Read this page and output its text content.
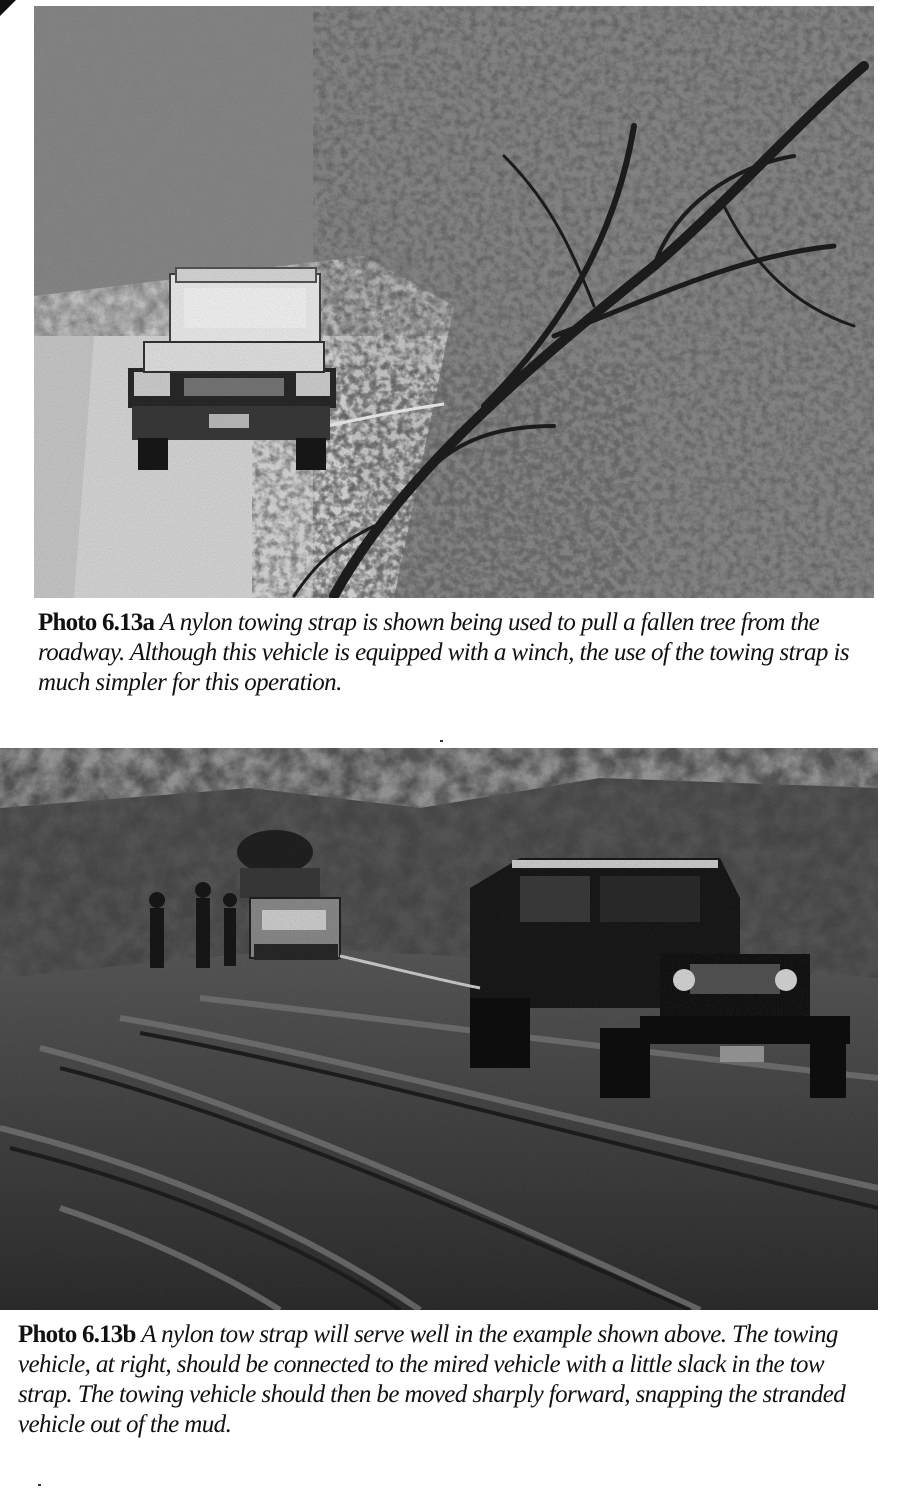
Photo 6.13a A nylon towing strap is shown being used to pull a fallen tree from the roadway. Although this vehicle is equipped with a winch, the use of the towing strap is much simpler for this operation.
Photo 6.13b A nylon tow strap will serve well in the example shown above. The towing vehicle, at right, should be connected to the mired vehicle with a little slack in the tow strap. The towing vehicle should then be moved sharply forward, snapping the stranded vehicle out of the mud.
